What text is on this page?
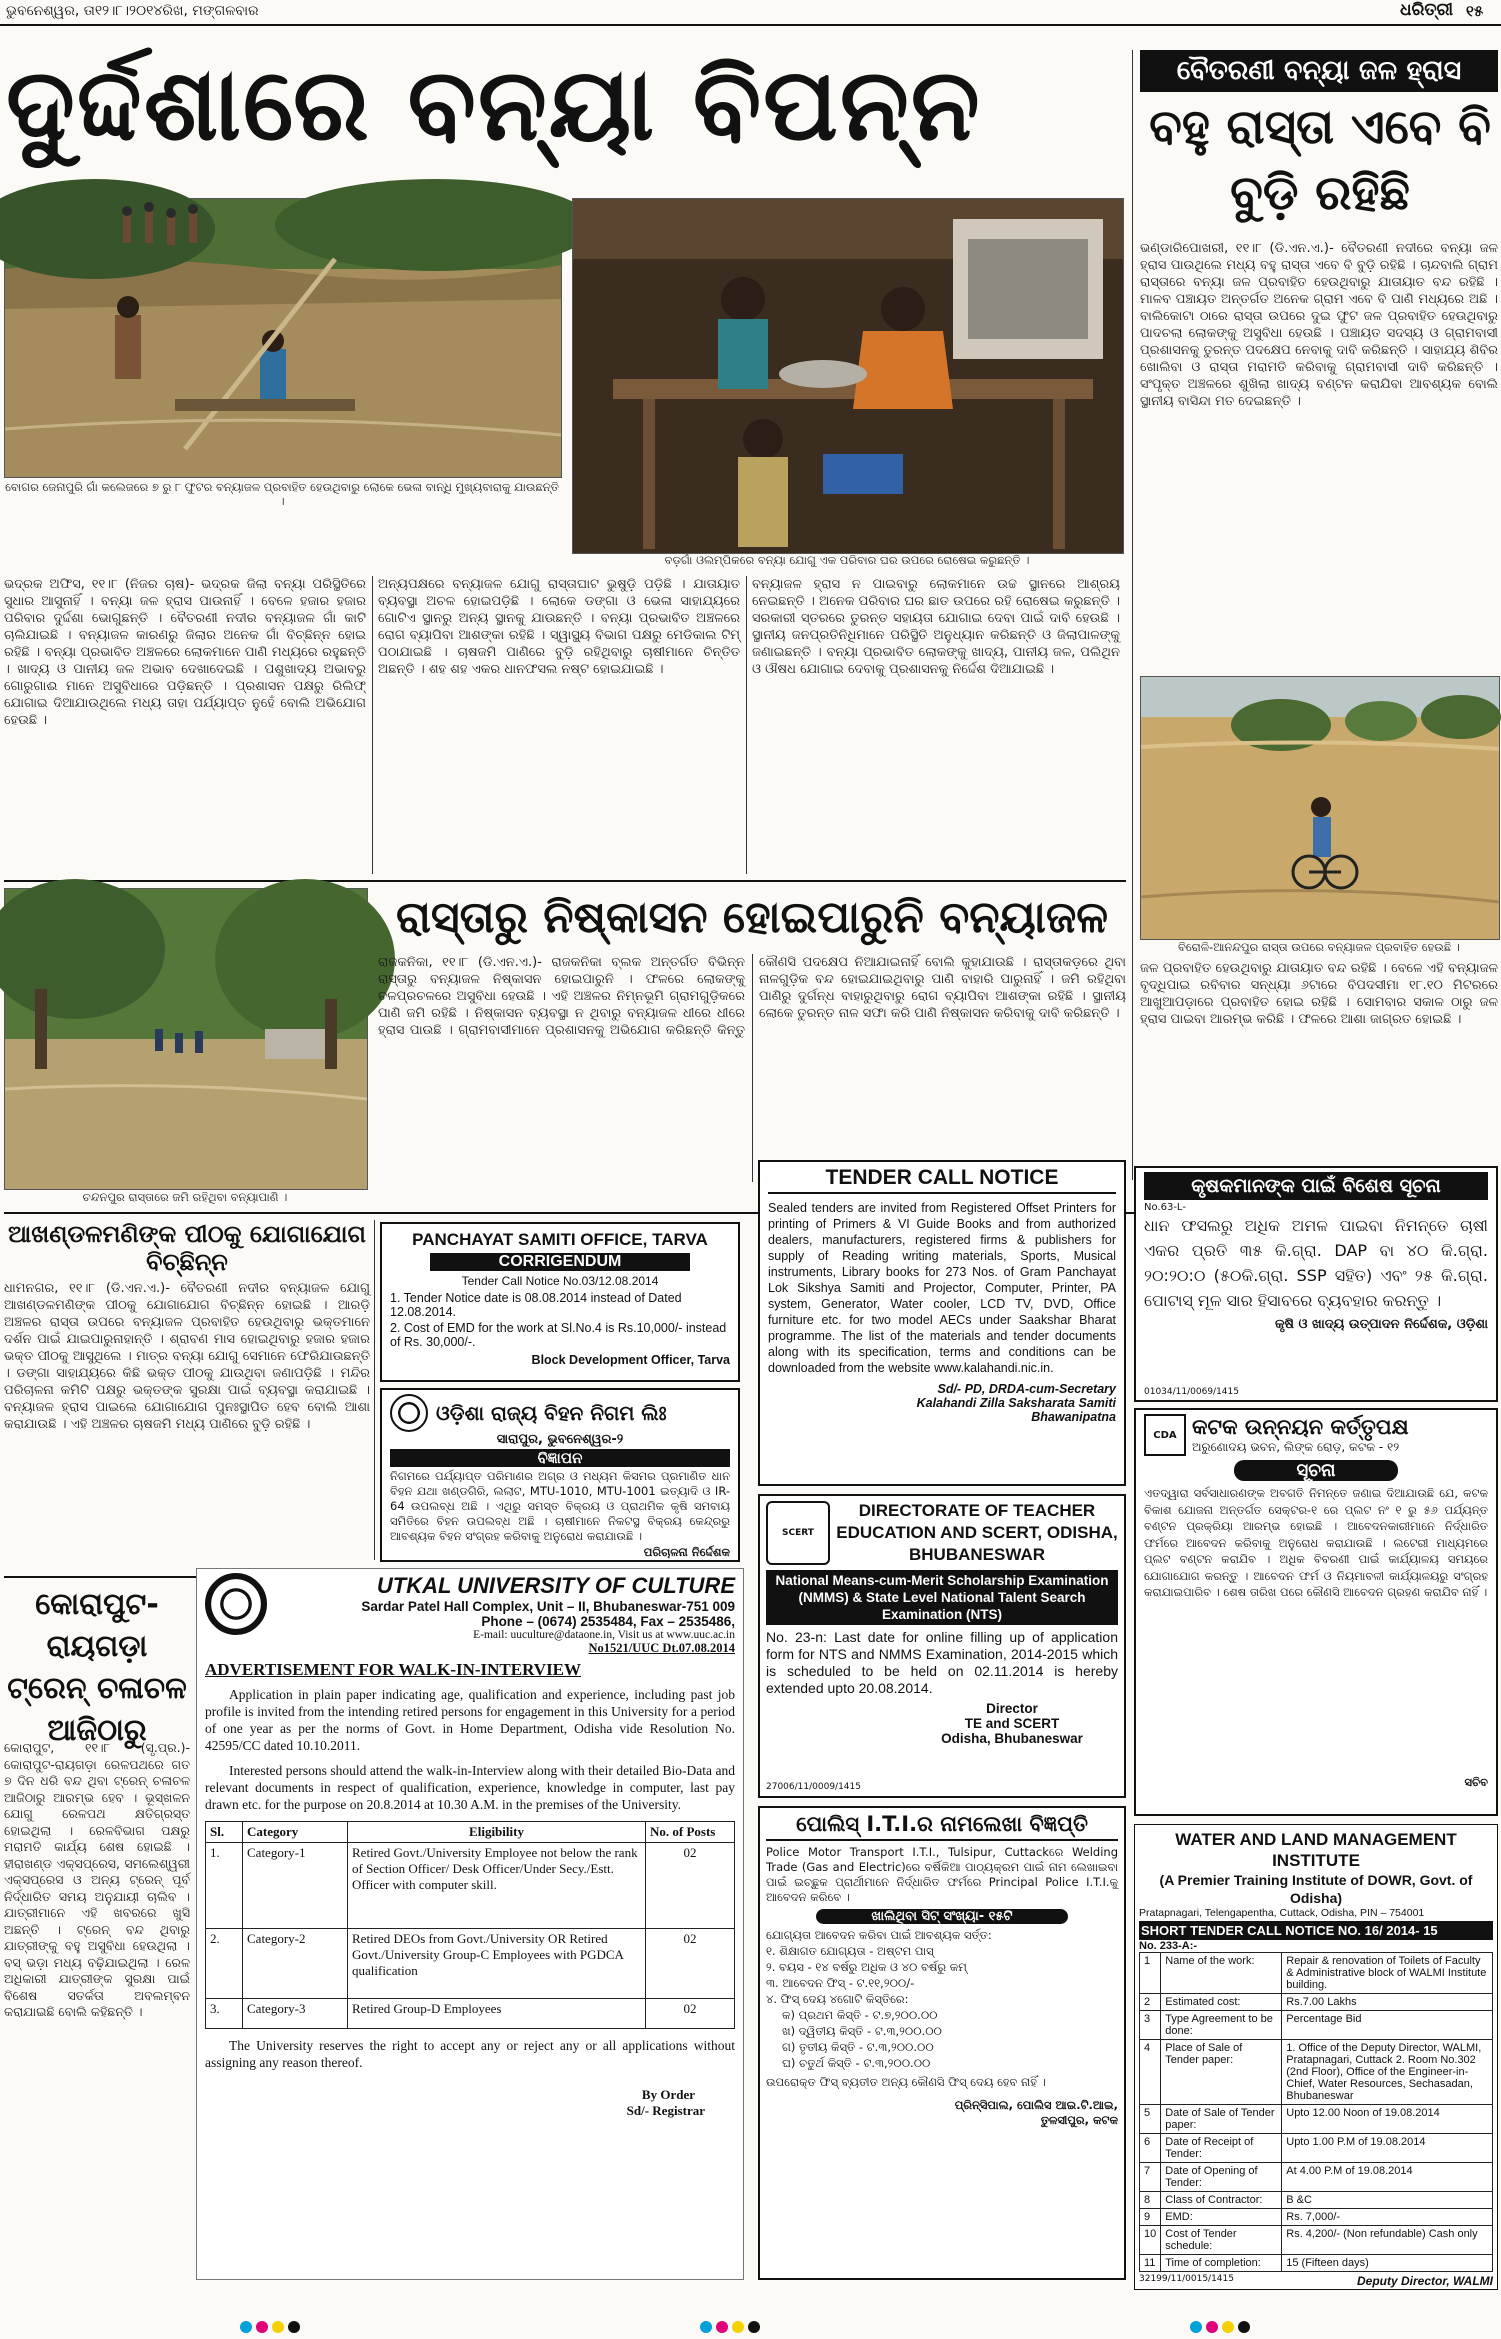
ଭୁବନେଶ୍ୱର, ତା୧୨।୮।୨୦୧୪ରିଖ, ମଙ୍ଗଳବାର	ଧରିତ୍ରୀ ୧୫
ଦୁର୍ଦ୍ଦଶାରେ ବନ୍ୟା ବିପନ୍ନ	ବୈତରଣୀ ବନ୍ୟା ଜଳ ହ୍ରାସ
ବହୁ ରାସ୍ତା ଏବେ ବି ବୁଡ଼ି ରହିଛି
ବୋଗର ଜେନାପୁରି ଗାଁ କଲେଜରେ ୭ ରୁ ୮ ଫୁଟର ବନ୍ୟାଜଳ ପ୍ରବାହିତ ହେଉଥିବାରୁ ଲୋକେ ଭେଳା ବାନ୍ଧି ମୁଖ୍ୟବାରାକୁ ଯାଉଛନ୍ତି ।
ବଡ଼ଗାଁ ଓଲମ୍ପିକରେ ବନ୍ୟା ଯୋଗୁ ଏକ ପରିବାର ଘର ଉପରେ ରୋଷେଇ କରୁଛନ୍ତି ।
ଭଦ୍ରକ ଅଫିସ, ୧୧।୮ (ନିଜର ଚାଷ)- ଭଦ୍ରକ ଜିଲା ବନ୍ୟା ପରିସ୍ଥିତିରେ ସୁଧାର ଆସୁନାହିଁ । ବନ୍ୟା ଜଳ ହ୍ରାସ ପାଉନାହିଁ । ବେଳେ ହଜାର ହଜାର ପରିବାର ଦୁର୍ଦ୍ଦଶା ଭୋଗୁଛନ୍ତି । ବୈତରଣୀ ନଦୀର ବନ୍ୟାଜଳ ଗାଁ କାଟି ଚାଲିଯାଇଛି । ବନ୍ୟାଜଳ କାରଣରୁ ଜିଲାର ଅନେକ ଗାଁ ବିଚ୍ଛିନ୍ନ ହୋଇ ରହିଛି । ବନ୍ୟା ପ୍ରଭାବିତ ଅଞ୍ଚଳରେ ଲୋକମାନେ ପାଣି ମଧ୍ୟରେ ରହୁଛନ୍ତି । ଖାଦ୍ୟ ଓ ପାନୀୟ ଜଳ ଅଭାବ ଦେଖାଦେଇଛି । ପଶୁଖାଦ୍ୟ ଅଭାବରୁ ଗୋରୁଗାଈ ମାନେ ଅସୁବିଧାରେ ପଡ଼ିଛନ୍ତି । ପ୍ରଶାସନ ପକ୍ଷରୁ ରିଲିଫ୍ ଯୋଗାଇ ଦିଆଯାଉଥିଲେ ମଧ୍ୟ ତାହା ପର୍ଯ୍ୟାପ୍ତ ନୁହେଁ ବୋଲି ଅଭିଯୋଗ ହେଉଛି ।
ଅନ୍ୟପକ୍ଷରେ ବନ୍ୟାଜଳ ଯୋଗୁ ରାସ୍ତାଘାଟ ଭୁଷୁଡ଼ି ପଡ଼ିଛି । ଯାତାୟାତ ବ୍ୟବସ୍ଥା ଅଚଳ ହୋଇପଡ଼ିଛି । ଲୋକେ ଡଙ୍ଗା ଓ ଭେଳା ସାହାଯ୍ୟରେ ଗୋଟିଏ ସ୍ଥାନରୁ ଅନ୍ୟ ସ୍ଥାନକୁ ଯାଉଛନ୍ତି । ବନ୍ୟା ପ୍ରଭାବିତ ଅଞ୍ଚଳରେ ରୋଗ ବ୍ୟାପିବା ଆଶଙ୍କା ରହିଛି । ସ୍ୱାସ୍ଥ୍ୟ ବିଭାଗ ପକ୍ଷରୁ ମେଡିକାଲ ଟିମ୍ ପଠାଯାଇଛି । ଚାଷଜମି ପାଣିରେ ବୁଡ଼ି ରହିଥିବାରୁ ଚାଷୀମାନେ ଚିନ୍ତିତ ଅଛନ୍ତି । ଶହ ଶହ ଏକର ଧାନଫସଲ ନଷ୍ଟ ହୋଇଯାଇଛି ।
ବନ୍ୟାଜଳ ହ୍ରାସ ନ ପାଇବାରୁ ଲୋକମାନେ ଉଚ୍ଚ ସ୍ଥାନରେ ଆଶ୍ରୟ ନେଇଛନ୍ତି । ଅନେକ ପରିବାର ଘର ଛାତ ଉପରେ ରହି ରୋଷେଇ କରୁଛନ୍ତି । ସରକାରୀ ସ୍ତରରେ ତୁରନ୍ତ ସହାୟତା ଯୋଗାଇ ଦେବା ପାଇଁ ଦାବି ହେଉଛି । ସ୍ଥାନୀୟ ଜନପ୍ରତିନିଧିମାନେ ପରିସ୍ଥିତି ଅନୁଧ୍ୟାନ କରିଛନ୍ତି ଓ ଜିଲାପାଳଙ୍କୁ ଜଣାଇଛନ୍ତି । ବନ୍ୟା ପ୍ରଭାବିତ ଲୋକଙ୍କୁ ଖାଦ୍ୟ, ପାନୀୟ ଜଳ, ପଲିଥିନ ଓ ଔଷଧ ଯୋଗାଇ ଦେବାକୁ ପ୍ରଶାସନକୁ ନିର୍ଦ୍ଦେଶ ଦିଆଯାଇଛି ।
ଭଣ୍ଡାରିପୋଖରୀ, ୧୧।୮ (ଡି.ଏନ.ଏ.)- ବୈତରଣୀ ନଦୀରେ ବନ୍ୟା ଜଳ ହ୍ରାସ ପାଉଥିଲେ ମଧ୍ୟ ବହୁ ରାସ୍ତା ଏବେ ବି ବୁଡ଼ି ରହିଛି । ଚାନ୍ଦବାଲି ଗ୍ରାମ ରାସ୍ତାରେ ବନ୍ୟା ଜଳ ପ୍ରବାହିତ ହେଉଥିବାରୁ ଯାତାୟାତ ବନ୍ଦ ରହିଛି । ମାଳବ ପଞ୍ଚାୟତ ଅନ୍ତର୍ଗତ ଅନେକ ଗ୍ରାମ ଏବେ ବି ପାଣି ମଧ୍ୟରେ ଅଛି । ବାଲିକୋଟା ଠାରେ ରାସ୍ତା ଉପରେ ଦୁଇ ଫୁଟ ଜଳ ପ୍ରବାହିତ ହେଉଥିବାରୁ ପାଦଚଲା ଲୋକଙ୍କୁ ଅସୁବିଧା ହେଉଛି । ପଞ୍ଚାୟତ ସଦସ୍ୟ ଓ ଗ୍ରାମବାସୀ ପ୍ରଶାସନକୁ ତୁରନ୍ତ ପଦକ୍ଷେପ ନେବାକୁ ଦାବି କରିଛନ୍ତି । ସାହାଯ୍ୟ ଶିବିର ଖୋଲିବା ଓ ରାସ୍ତା ମରାମତି କରିବାକୁ ଗ୍ରାମବାସୀ ଦାବି କରିଛନ୍ତି । ସଂପୃକ୍ତ ଅଞ୍ଚଳରେ ଶୁଖିଲା ଖାଦ୍ୟ ବଣ୍ଟନ କରାଯିବା ଆବଶ୍ୟକ ବୋଲି ସ୍ଥାନୀୟ ବାସିନ୍ଦା ମତ ଦେଇଛନ୍ତି ।
ବିରୋଳି-ଆନନ୍ଦପୁର ରାସ୍ତା ଉପରେ ବନ୍ୟାଜଳ ପ୍ରବାହିତ ହେଉଛି ।
ଜଳ ପ୍ରବାହିତ ହେଉଥିବାରୁ ଯାତାୟାତ ବନ୍ଦ ରହିଛି । ବେଳେ ଏହି ବନ୍ୟାଜଳ ବୃଦ୍ଧିପାଇ ରବିବାର ସନ୍ଧ୍ୟା ୬ଟାରେ ବିପଦସୀମା ୧୮.୧୦ ମିଟରରେ ଆଖୁଆପଡ଼ାରେ ପ୍ରବାହିତ ହୋଇ ରହିଛି । ସୋମବାର ସକାଳ ଠାରୁ ଜଳ ହ୍ରାସ ପାଇବା ଆରମ୍ଭ କରିଛି । ଫଳରେ ଆଶା ଜାଗ୍ରତ ହୋଇଛି ।
ଚନ୍ଦନପୁର ରାସ୍ତାରେ ଜମି ରହିଥିବା ବନ୍ୟାପାଣି ।
ରାସ୍ତାରୁ ନିଷ୍କାସନ ହୋଇପାରୁନି ବନ୍ୟାଜଳ
ରାଜକନିକା, ୧୧।୮ (ଡି.ଏନ.ଏ.)- ରାଜକନିକା ବ୍ଲକ ଅନ୍ତର୍ଗତ ବିଭିନ୍ନ ରାସ୍ତାରୁ ବନ୍ୟାଜଳ ନିଷ୍କାସନ ହୋଇପାରୁନି । ଫଳରେ ଲୋକଙ୍କୁ ଚଳପ୍ରଚଳରେ ଅସୁବିଧା ହେଉଛି । ଏହି ଅଞ୍ଚଳର ନିମ୍ନଭୂମି ଗ୍ରାମଗୁଡ଼ିକରେ ପାଣି ଜମି ରହିଛି । ନିଷ୍କାସନ ବ୍ୟବସ୍ଥା ନ ଥିବାରୁ ବନ୍ୟାଜଳ ଧୀରେ ଧୀରେ ହ୍ରାସ ପାଉଛି । ଗ୍ରାମବାସୀମାନେ ପ୍ରଶାସନକୁ ଅଭିଯୋଗ କରିଛନ୍ତି କିନ୍ତୁ କୌଣସି ପଦକ୍ଷେପ ନିଆଯାଇନାହିଁ ବୋଲି କୁହାଯାଉଛି । ରାସ୍ତାକଡ଼ରେ ଥିବା ନାଳଗୁଡ଼ିକ ବନ୍ଦ ହୋଇଯାଇଥିବାରୁ ପାଣି ବାହାରି ପାରୁନାହିଁ । ଜମି ରହିଥିବା ପାଣିରୁ ଦୁର୍ଗନ୍ଧ ବାହାରୁଥିବାରୁ ରୋଗ ବ୍ୟାପିବା ଆଶଙ୍କା ରହିଛି । ସ୍ଥାନୀୟ ଲୋକେ ତୁରନ୍ତ ନାଳ ସଫା କରି ପାଣି ନିଷ୍କାସନ କରିବାକୁ ଦାବି କରିଛନ୍ତି ।
ଆଖଣ୍ଡଳମଣିଙ୍କ ପୀଠକୁ ଯୋଗାଯୋଗ ବିଚ୍ଛିନ୍ନ
ଧାମନଗର, ୧୧।୮ (ଡି.ଏନ.ଏ.)- ବୈତରଣୀ ନଦୀର ବନ୍ୟାଜଳ ଯୋଗୁ ଆଖଣ୍ଡଳମଣିଙ୍କ ପୀଠକୁ ଯୋଗାଯୋଗ ବିଚ୍ଛିନ୍ନ ହୋଇଛି । ଆରଡ଼ି ଅଞ୍ଚଳର ରାସ୍ତା ଉପରେ ବନ୍ୟାଜଳ ପ୍ରବାହିତ ହେଉଥିବାରୁ ଭକ୍ତମାନେ ଦର୍ଶନ ପାଇଁ ଯାଇପାରୁନାହାନ୍ତି । ଶ୍ରାବଣ ମାସ ହୋଇଥିବାରୁ ହଜାର ହଜାର ଭକ୍ତ ପୀଠକୁ ଆସୁଥିଲେ । ମାତ୍ର ବନ୍ୟା ଯୋଗୁ ସେମାନେ ଫେରିଯାଉଛନ୍ତି । ଡଙ୍ଗା ସାହାଯ୍ୟରେ କିଛି ଭକ୍ତ ପୀଠକୁ ଯାଉଥିବା ଜଣାପଡ଼ିଛି । ମନ୍ଦିର ପରିଚାଳନା କମିଟି ପକ୍ଷରୁ ଭକ୍ତଙ୍କ ସୁରକ୍ଷା ପାଇଁ ବ୍ୟବସ୍ଥା କରାଯାଇଛି । ବନ୍ୟାଜଳ ହ୍ରାସ ପାଇଲେ ଯୋଗାଯୋଗ ପୁନଃସ୍ଥାପିତ ହେବ ବୋଲି ଆଶା କରାଯାଉଛି । ଏହି ଅଞ୍ଚଳର ଚାଷଜମି ମଧ୍ୟ ପାଣିରେ ବୁଡ଼ି ରହିଛି ।
କୋରାପୁଟ-ରାୟଗଡ଼ା ଟ୍ରେନ୍ ଚଳାଚଳ ଆଜିଠାରୁ
କୋରାପୁଟ, ୧୧।୮ (ସୃ.ପ୍ର.)- କୋରାପୁଟ-ରାୟଗଡ଼ା ରେଳପଥରେ ଗତ ୭ ଦିନ ଧରି ବନ୍ଦ ଥିବା ଟ୍ରେନ୍ ଚଳାଚଳ ଆଜିଠାରୁ ଆରମ୍ଭ ହେବ । ଭୂସ୍ଖଳନ ଯୋଗୁ ରେଳପଥ କ୍ଷତିଗ୍ରସ୍ତ ହୋଇଥିଲା । ରେଳବିଭାଗ ପକ୍ଷରୁ ମରାମତି କାର୍ଯ୍ୟ ଶେଷ ହୋଇଛି । ହୀରାଖଣ୍ଡ ଏକ୍ସପ୍ରେସ, ସମଲେଶ୍ୱରୀ ଏକ୍ସପ୍ରେସ ଓ ଅନ୍ୟ ଟ୍ରେନ୍ ପୂର୍ବ ନିର୍ଦ୍ଧାରିତ ସମୟ ଅନୁଯାୟୀ ଚାଲିବ । ଯାତ୍ରୀମାନେ ଏହି ଖବରରେ ଖୁସି ଅଛନ୍ତି । ଟ୍ରେନ୍ ବନ୍ଦ ଥିବାରୁ ଯାତ୍ରୀଙ୍କୁ ବହୁ ଅସୁବିଧା ହେଉଥିଲା । ବସ୍ ଭଡ଼ା ମଧ୍ୟ ବଢ଼ିଯାଇଥିଲା । ରେଳ ଅଧିକାରୀ ଯାତ୍ରୀଙ୍କ ସୁରକ୍ଷା ପାଇଁ ବିଶେଷ ସତର୍କତା ଅବଲମ୍ବନ କରାଯାଇଛି ବୋଲି କହିଛନ୍ତି ।
PANCHAYAT SAMITI OFFICE, TARVA
CORRIGENDUM
Tender Call Notice No.03/12.08.2014
1. Tender Notice date is 08.08.2014 instead of Dated 12.08.2014.
2. Cost of EMD for the work at Sl.No.4 is Rs.10,000/- instead of Rs. 30,000/-.
Block Development Officer, Tarva
ଓଡ଼ିଶା ରାଜ୍ୟ ବିହନ ନିଗମ ଲିଃ
ସାରାପୁର, ଭୁବନେଶ୍ୱର-୨
ବିଜ୍ଞାପନ
ନିଗମରେ ପର୍ଯ୍ୟାପ୍ତ ପରିମାଣର ଅଗ୍ର ଓ ମଧ୍ୟମ କିସମର ପ୍ରମାଣିତ ଧାନ ବିହନ ଯଥା ଖଣ୍ଡଗିରି, ଲଲାଟ, MTU-1010, MTU-1001 ଇତ୍ୟାଦି ଓ IR-64 ଉପଲବ୍ଧ ଅଛି । ଏଥିରୁ ସମସ୍ତ ବିକ୍ରୟ ଓ ପ୍ରାଥମିକ କୃଷି ସମବାୟ ସମିତିରେ ବିହନ ଉପଲବ୍ଧ ଅଛି । ଚାଷୀମାନେ ନିକଟସ୍ଥ ବିକ୍ରୟ କେନ୍ଦ୍ରରୁ ଆବଶ୍ୟକ ବିହନ ସଂଗ୍ରହ କରିବାକୁ ଅନୁରୋଧ କରାଯାଉଛି ।
ପରିଚାଳନା ନିର୍ଦ୍ଦେଶକ
UTKAL UNIVERSITY OF CULTURE
Sardar Patel Hall Complex, Unit – II, Bhubaneswar-751 009
Phone – (0674) 2535484, Fax – 2535486,
E-mail: uuculture@dataone.in, Visit us at www.uuc.ac.in
No1521/UUC Dt.07.08.2014
ADVERTISEMENT FOR WALK-IN-INTERVIEW
Application in plain paper indicating age, qualification and experience, including past job profile is invited from the intending retired persons for engagement in this University for a period of one year as per the norms of Govt. in Home Department, Odisha vide Resolution No. 42595/CC dated 10.10.2011.
Interested persons should attend the walk-in-Interview along with their detailed Bio-Data and relevant documents in respect of qualification, experience, knowledge in computer, last pay drawn etc. for the purpose on 20.8.2014 at 10.30 A.M. in the premises of the University.
Sl.	Category	Eligibility	No. of Posts
1.	Category-1	Retired Govt./University Employee not below the rank of Section Officer/ Desk Officer/Under Secy./Estt. Officer with computer skill.	02
2.	Category-2	Retired DEOs from Govt./University OR Retired Govt./University Group-C Employees with PGDCA qualification	02
3.	Category-3	Retired Group-D Employees	02
The University reserves the right to accept any or reject any or all applications without assigning any reason thereof.
By Order
Sd/- Registrar
TENDER CALL NOTICE
Sealed tenders are invited from Registered Offset Printers for printing of Primers & VI Guide Books and from authorized dealers, manufacturers, registered firms & publishers for supply of Reading writing materials, Sports, Musical instruments, Library books for 273 Nos. of Gram Panchayat Lok Sikshya Samiti and Projector, Computer, Printer, PA system, Generator, Water cooler, LCD TV, DVD, Office furniture etc. for two model AECs under Saakshar Bharat programme. The list of the materials and tender documents along with its specification, terms and conditions can be downloaded from the website www.kalahandi.nic.in.
Sd/- PD, DRDA-cum-Secretary
Kalahandi Zilla Saksharata Samiti
Bhawanipatna
SCERT
DIRECTORATE OF TEACHER EDUCATION AND SCERT, ODISHA, BHUBANESWAR
National Means-cum-Merit Scholarship Examination (NMMS) & State Level National Talent Search Examination (NTS)
No. 23-n: Last date for online filling up of application form for NTS and NMMS Examination, 2014-2015 which is scheduled to be held on 02.11.2014 is hereby extended upto 20.08.2014.
Director
TE and SCERT
Odisha, Bhubaneswar
27006/11/0009/1415
ପୋଲିସ୍ I.T.I.ର ନାମଲେଖା ବିଜ୍ଞପ୍ତି
Police Motor Transport I.T.I., Tulsipur, Cuttackରେ Welding Trade (Gas and Electric)ରେ ବର୍ଷିକିଆ ପାଠ୍ୟକ୍ରମ ପାଇଁ ନାମ ଲେଖାଇବା ପାଇଁ ଇଚ୍ଛୁକ ପ୍ରାର୍ଥୀମାନେ ନିର୍ଦ୍ଧାରିତ ଫର୍ମରେ Principal Police I.T.I.କୁ ଆବେଦନ କରିବେ ।
ଖାଲିଥିବା ସିଟ୍ ସଂଖ୍ୟା- ୧୫ଟି
ଯୋଗ୍ୟତା ଆବେଦନ କରିବା ପାଇଁ ଆବଶ୍ୟକ ସର୍ତ୍ତ:
୧. ଶିକ୍ଷାଗତ ଯୋଗ୍ୟତା - ଅଷ୍ଟମ ପାସ୍
୨. ବୟସ - ୧୪ ବର୍ଷରୁ ଅଧିକ ଓ ୪୦ ବର୍ଷରୁ କମ୍
୩. ଆବେଦନ ଫିସ୍ - ଟ.୧୧,୨୦୦/-
୪. ଫିସ୍ ଦେୟ ୪ଗୋଟି କିସ୍ତିରେ:
କ) ପ୍ରଥମ କିସ୍ତି - ଟ.୭,୨୦୦.୦୦
ଖ) ଦ୍ୱିତୀୟ କିସ୍ତି - ଟ.୩,୨୦୦.୦୦
ଗ) ତୃତୀୟ କିସ୍ତି - ଟ.୩,୨୦୦.୦୦
ଘ) ଚତୁର୍ଥ କିସ୍ତି - ଟ.୩,୨୦୦.୦୦
ଉପରୋକ୍ତ ଫିସ୍ ବ୍ୟତୀତ ଅନ୍ୟ କୌଣସି ଫିସ୍ ଦେୟ ହେବ ନାହିଁ ।
ପ୍ରିନ୍ସିପାଲ, ପୋଲିସ ଆଇ.ଟି.ଆଇ,
ତୁଳସୀପୁର, କଟକ
କୃଷକମାନଙ୍କ ପାଇଁ ବିଶେଷ ସୂଚନା
No.63-L-
ଧାନ ଫସଲରୁ ଅଧିକ ଅମଳ ପାଇବା ନିମନ୍ତେ ଚାଷୀ ଏକର ପ୍ରତି ୩୫ କି.ଗ୍ରା. DAP ବା ୪୦ କି.ଗ୍ରା. ୨୦:୨୦:୦ (୫୦କି.ଗ୍ରା. SSP ସହିତ) ଏବଂ ୨୫ କି.ଗ୍ରା. ପୋଟାସ୍ ମୂଳ ସାର ହିସାବରେ ବ୍ୟବହାର କରନ୍ତୁ ।
କୃଷି ଓ ଖାଦ୍ୟ ଉତ୍ପାଦନ ନିର୍ଦ୍ଦେଶକ, ଓଡ଼ିଶା
01034/11/0069/1415
CDA କଟକ ଉନ୍ନୟନ କର୍ତ୍ତୃପକ୍ଷ
ଅରୁଣୋଦୟ ଭବନ, ଲିଙ୍କ ରୋଡ଼, କଟକ - ୧୨
ସୂଚନା
ଏତଦ୍ୱାରା ସର୍ବସାଧାରଣଙ୍କ ଅବଗତି ନିମନ୍ତେ ଜଣାଇ ଦିଆଯାଉଛି ଯେ, କଟକ ବିକାଶ ଯୋଜନା ଅନ୍ତର୍ଗତ ସେକ୍ଟର-୧ ରେ ପ୍ଲଟ ନଂ ୧ ରୁ ୫୬ ପର୍ଯ୍ୟନ୍ତ ବଣ୍ଟନ ପ୍ରକ୍ରିୟା ଆରମ୍ଭ ହୋଇଛି । ଆବେଦନକାରୀମାନେ ନିର୍ଦ୍ଧାରିତ ଫର୍ମରେ ଆବେଦନ କରିବାକୁ ଅନୁରୋଧ କରାଯାଉଛି । ଲଟେରୀ ମାଧ୍ୟମରେ ପ୍ଲଟ ବଣ୍ଟନ କରାଯିବ । ଅଧିକ ବିବରଣୀ ପାଇଁ କାର୍ଯ୍ୟାଳୟ ସମୟରେ ଯୋଗାଯୋଗ କରନ୍ତୁ । ଆବେଦନ ଫର୍ମ ଓ ନିୟମାବଳୀ କାର୍ଯ୍ୟାଳୟରୁ ସଂଗ୍ରହ କରାଯାଇପାରିବ । ଶେଷ ତାରିଖ ପରେ କୌଣସି ଆବେଦନ ଗ୍ରହଣ କରାଯିବ ନାହିଁ ।
ସଚିବ
WATER AND LAND MANAGEMENT INSTITUTE
(A Premier Training Institute of DOWR, Govt. of Odisha)
Pratapnagari, Telengapentha, Cuttack, Odisha, PIN – 754001
SHORT TENDER CALL NOTICE NO. 16/ 2014- 15
No. 233-A:-
1	Name of the work:	Repair & renovation of Toilets of Faculty & Administrative block of WALMI Institute building.
2	Estimated cost:	Rs.7.00 Lakhs
3	Type Agreement to be done:	Percentage Bid
4	Place of Sale of Tender paper:	1. Office of the Deputy Director, WALMI, Pratapnagari, Cuttack 2. Room No.302 (2nd Floor), Office of the Engineer-in-Chief, Water Resources, Sechasadan, Bhubaneswar
5	Date of Sale of Tender paper:	Upto 12.00 Noon of 19.08.2014
6	Date of Receipt of Tender:	Upto 1.00 P.M of 19.08.2014
7	Date of Opening of Tender:	At 4.00 P.M of 19.08.2014
8	Class of Contractor:	B &C
9	EMD:	Rs. 7,000/-
10	Cost of Tender schedule:	Rs. 4,200/- (Non refundable) Cash only
11	Time of completion:	15 (Fifteen days)
32199/11/0015/1415	Deputy Director, WALMI
